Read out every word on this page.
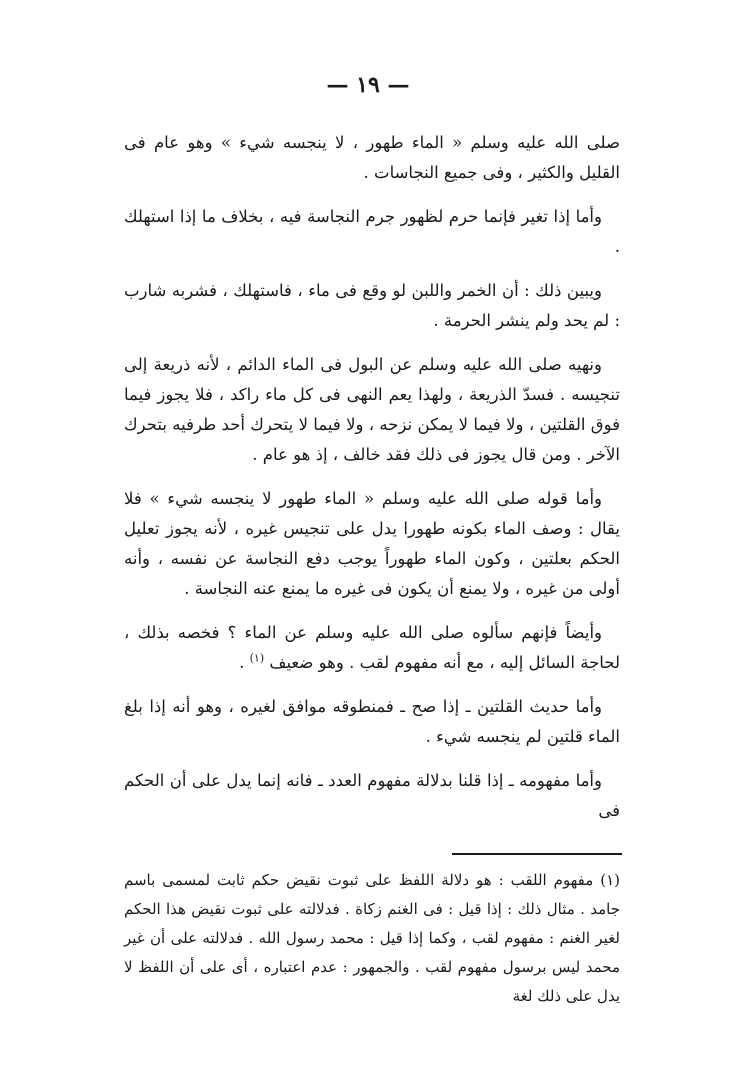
— ١٩ —

صلى الله عليه وسلم « الماء طهور ، لا ينجسه شيء » وهو عام فى القليل والكثير ، وفى جميع النجاسات .

وأما إذا تغير فإنما حرم لظهور جرم النجاسة فيه ، بخلاف ما إذا استهلك .

ويبين ذلك : أن الخمر واللبن لو وقع فى ماء ، فاستهلك ، فشربه شارب : لم يحد ولم ينشر الحرمة .

ونهيه صلى الله عليه وسلم عن البول فى الماء الدائم ، لأنه ذريعة إلى تنجيسه . فسدّ الذريعة ، ولهذا يعم النهى فى كل ماء راكد ، فلا يجوز فيما فوق القلتين ، ولا فيما لا يمكن نزحه ، ولا فيما لا يتحرك أحد طرفيه بتحرك الآخر . ومن قال يجوز فى ذلك فقد خالف ، إذ هو عام .

وأما قوله صلى الله عليه وسلم « الماء طهور لا ينجسه شيء » فلا يقال : وصف الماء بكونه طهورا يدل على تنجيس غيره ، لأنه يجوز تعليل الحكم بعلتين ، وكون الماء طهوراً يوجب دفع النجاسة عن نفسه ، وأنه أولى من غيره ، ولا يمنع أن يكون فى غيره ما يمنع عنه النجاسة .

وأيضاً فإنهم سألوه صلى الله عليه وسلم عن الماء ؟ فخصه بذلك ، لحاجة السائل إليه ، مع أنه مفهوم لقب . وهو ضعيف $^{(١)}$ .

وأما حديث القلتين ـ إذا صح ـ فمنطوقه موافق لغيره ، وهو أنه إذا بلغ الماء قلتين لم ينجسه شيء .

وأما مفهومه ـ إذا قلنا بدلالة مفهوم العدد ـ فانه إنما يدل على أن الحكم فى

(١) مفهوم اللقب : هو دلالة اللفظ على ثبوت نقيض حكم ثابت لمسمى باسم جامد . مثال ذلك : إذا قيل : فى الغنم زكاة . فدلالته على ثبوت نقيض هذا الحكم لغير الغنم : مفهوم لقب ، وكما إذا قيل : محمد رسول الله . فدلالته على أن غير محمد ليس برسول مفهوم لقب . والجمهور : عدم اعتباره ، أى على أن اللفظ لا يدل على ذلك لغة
